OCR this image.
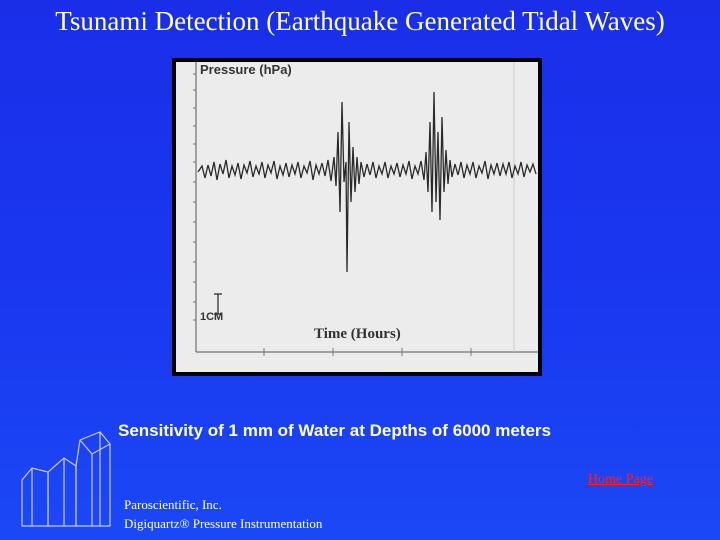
Tsunami Detection (Earthquake Generated Tidal Waves)
Pressure (hPa)
Time (Hours)
1CM
Sensitivity of 1 mm of Water at Depths of 6000 meters
Home Page
Paroscientific, Inc.
Digiquartz® Pressure Instrumentation
